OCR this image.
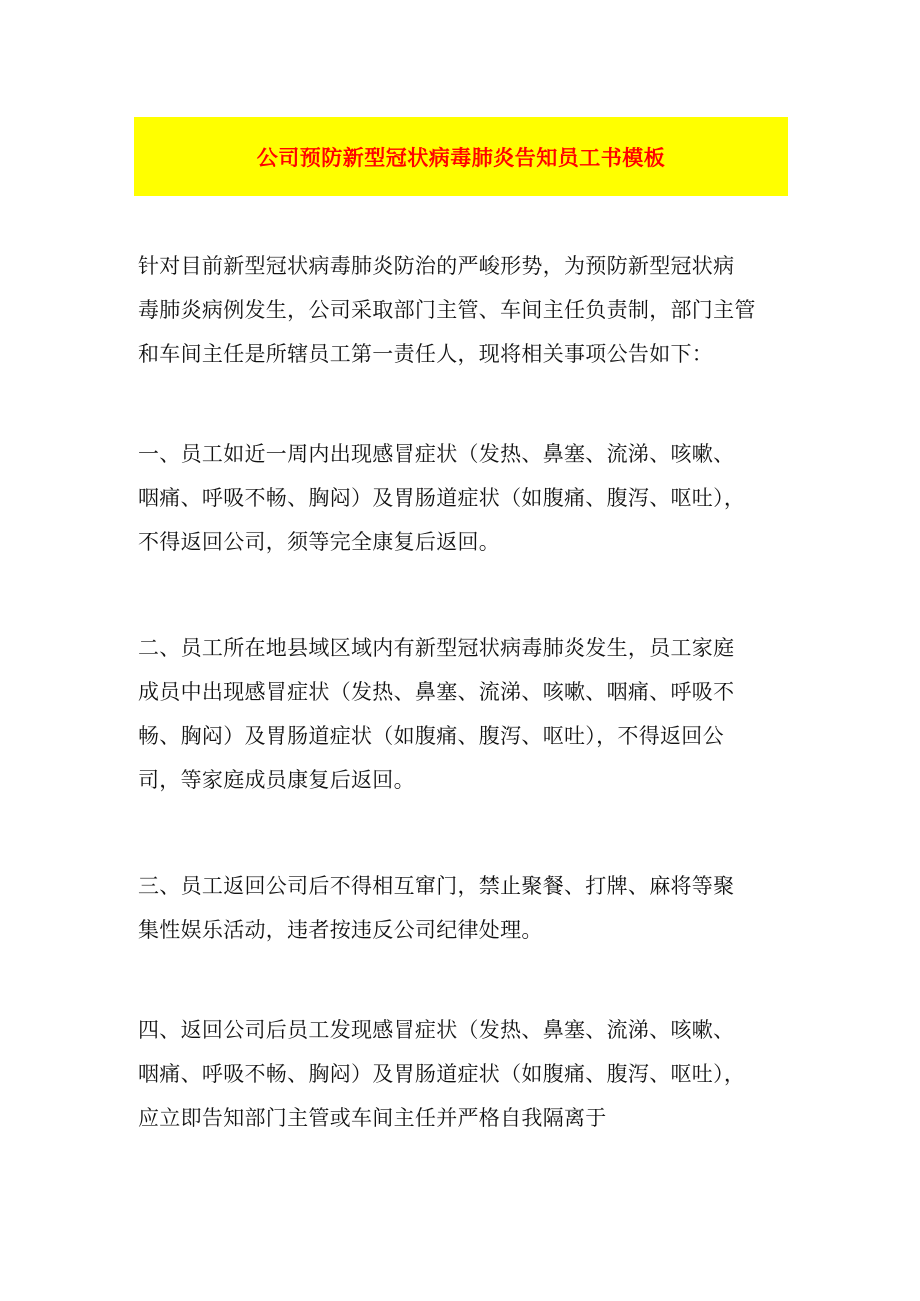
公司预防新型冠状病毒肺炎告知员工书模板
针对目前新型冠状病毒肺炎防治的严峻形势，为预防新型冠状病
毒肺炎病例发生，公司采取部门主管、车间主任负责制，部门主管
和车间主任是所辖员工第一责任人，现将相关事项公告如下：
一、员工如近一周内出现感冒症状（发热、鼻塞、流涕、咳嗽、
咽痛、呼吸不畅、胸闷）及胃肠道症状（如腹痛、腹泻、呕吐），
不得返回公司，须等完全康复后返回。
二、员工所在地县域区域内有新型冠状病毒肺炎发生，员工家庭
成员中出现感冒症状（发热、鼻塞、流涕、咳嗽、咽痛、呼吸不
畅、胸闷）及胃肠道症状（如腹痛、腹泻、呕吐），不得返回公
司，等家庭成员康复后返回。
三、员工返回公司后不得相互窜门，禁止聚餐、打牌、麻将等聚
集性娱乐活动，违者按违反公司纪律处理。
四、返回公司后员工发现感冒症状（发热、鼻塞、流涕、咳嗽、
咽痛、呼吸不畅、胸闷）及胃肠道症状（如腹痛、腹泻、呕吐），
应立即告知部门主管或车间主任并严格自我隔离于
